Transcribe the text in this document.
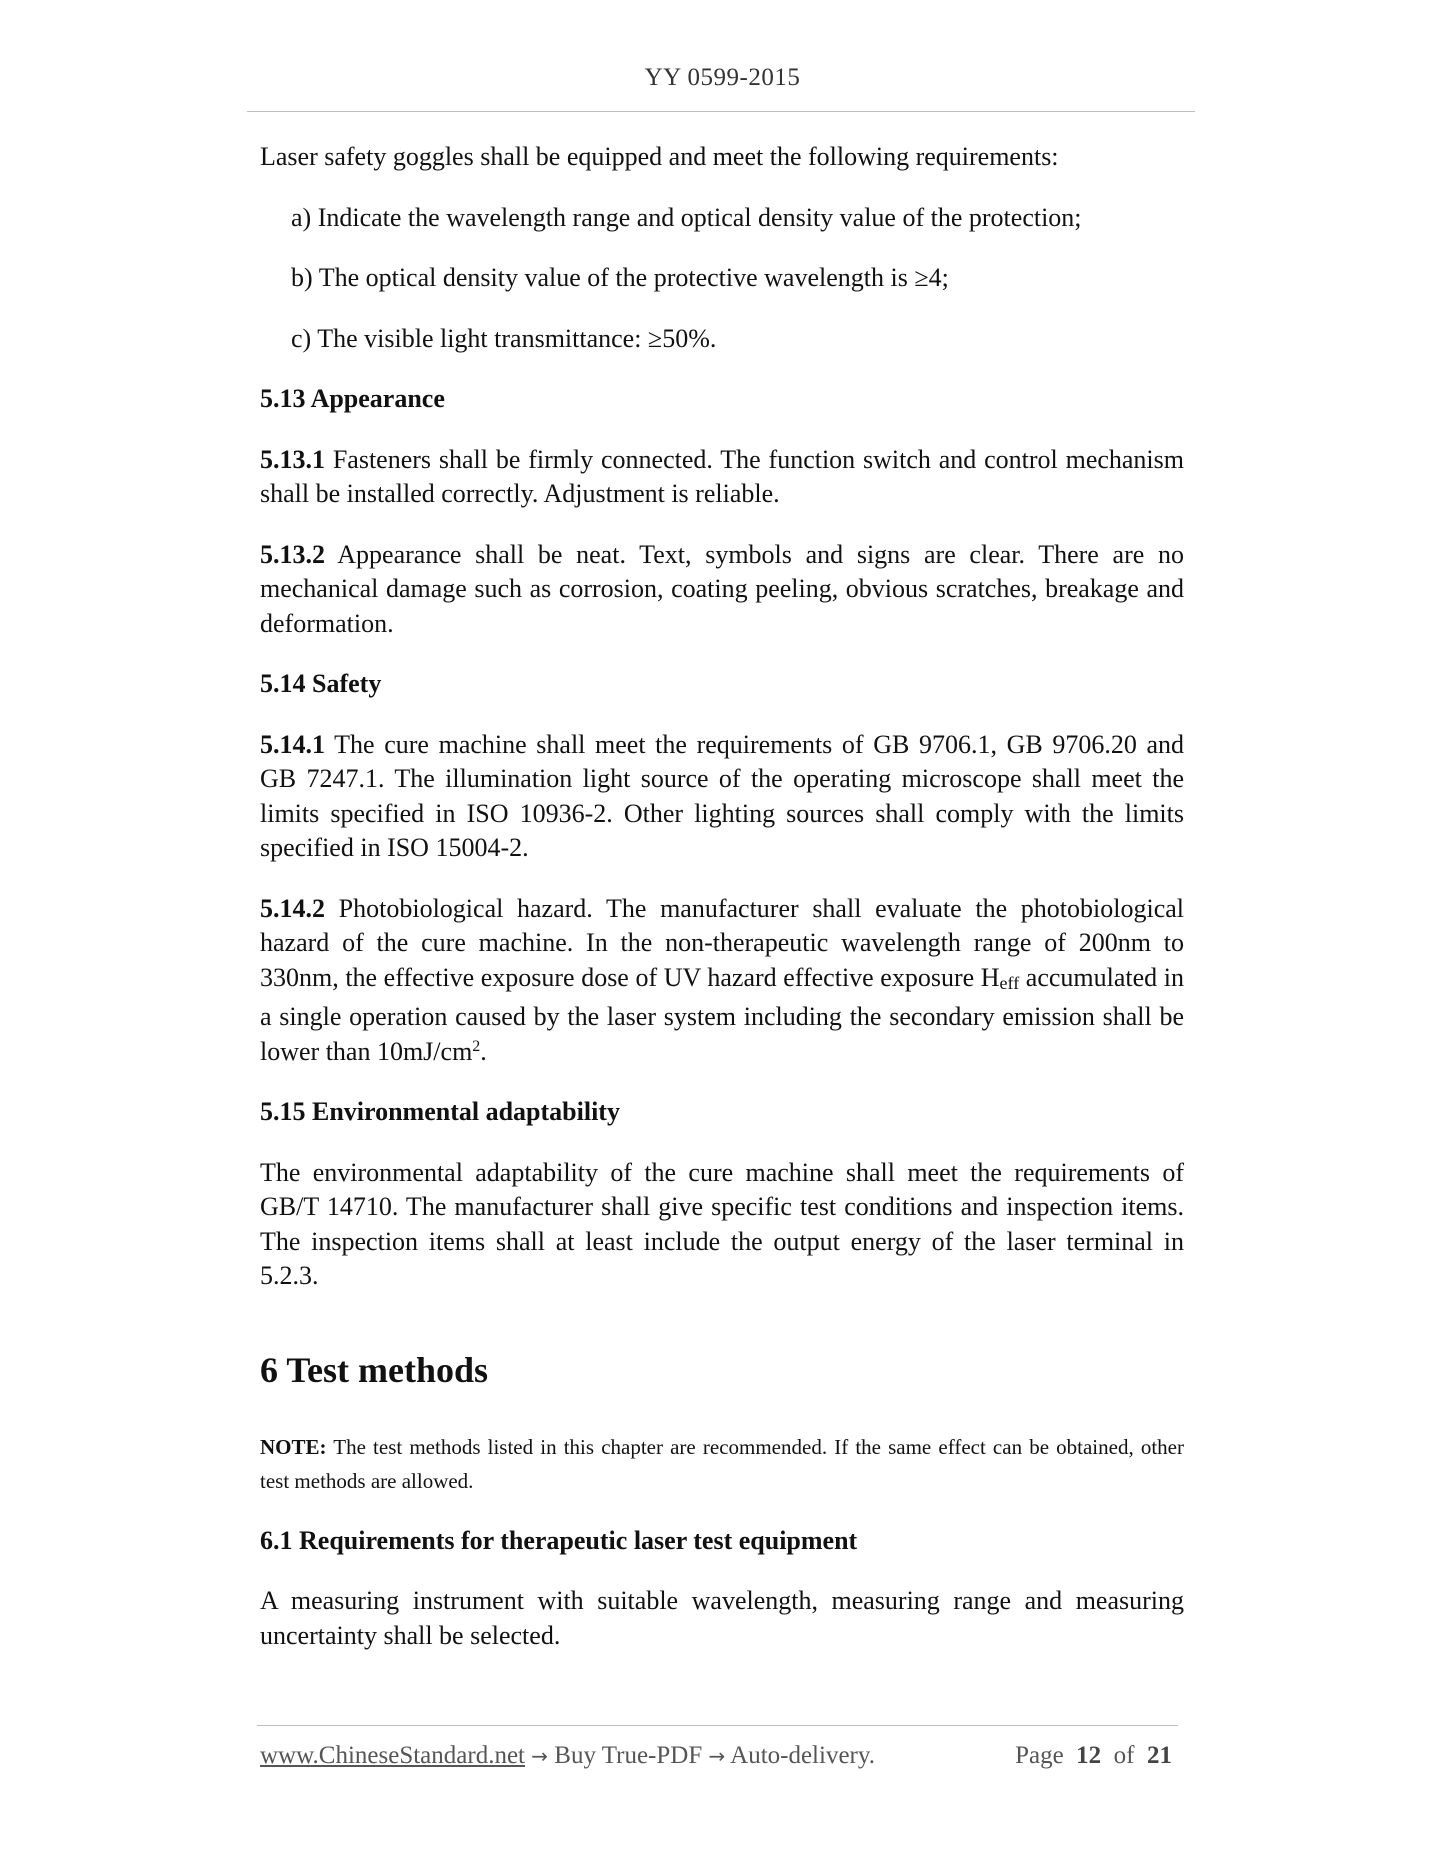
YY 0599-2015

Laser safety goggles shall be equipped and meet the following requirements:

a) Indicate the wavelength range and optical density value of the protection;

b) The optical density value of the protective wavelength is ≥4;

c) The visible light transmittance: ≥50%.

5.13 Appearance

5.13.1 Fasteners shall be firmly connected. The function switch and control mechanism shall be installed correctly. Adjustment is reliable.

5.13.2 Appearance shall be neat. Text, symbols and signs are clear. There are no mechanical damage such as corrosion, coating peeling, obvious scratches, breakage and deformation.

5.14 Safety

5.14.1 The cure machine shall meet the requirements of GB 9706.1, GB 9706.20 and GB 7247.1. The illumination light source of the operating microscope shall meet the limits specified in ISO 10936-2. Other lighting sources shall comply with the limits specified in ISO 15004-2.

5.14.2 Photobiological hazard. The manufacturer shall evaluate the photobiological hazard of the cure machine. In the non-therapeutic wavelength range of 200nm to 330nm, the effective exposure dose of UV hazard effective exposure $H_{eff}$ accumulated in a single operation caused by the laser system including the secondary emission shall be lower than $10mJ/cm^2$.

5.15 Environmental adaptability

The environmental adaptability of the cure machine shall meet the requirements of GB/T 14710. The manufacturer shall give specific test conditions and inspection items. The inspection items shall at least include the output energy of the laser terminal in 5.2.3.

6 Test methods

NOTE: The test methods listed in this chapter are recommended. If the same effect can be obtained, other test methods are allowed.

6.1 Requirements for therapeutic laser test equipment

A measuring instrument with suitable wavelength, measuring range and measuring uncertainty shall be selected.

www.ChineseStandard.net → Buy True-PDF → Auto-delivery.	Page 12 of 21
